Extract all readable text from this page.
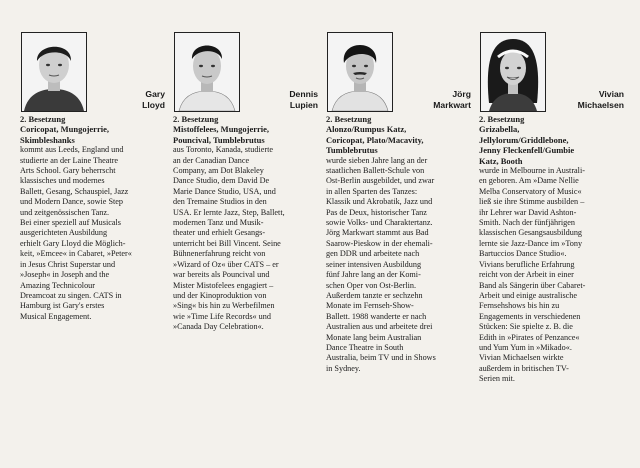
Gary
Lloyd
2. Besetzung
Coricopat, Mungojerrie,
Skimbleshanks
kommt aus Leeds, England und
studierte an der Laine Theatre
Arts School. Gary beherrscht
klassisches und modernes
Ballett, Gesang, Schauspiel, Jazz
und Modern Dance, sowie Step
und zeitgenössischen Tanz.
Bei einer speziell auf Musicals
ausgerichteten Ausbildung
erhielt Gary Lloyd die Möglich-
keit, »Emcee« in Cabaret, »Peter«
in Jesus Christ Superstar und
»Joseph« in Joseph and the
Amazing Technicolour
Dreamcoat zu singen. CATS in
Hamburg ist Gary's erstes
Musical Engagement.
Dennis
Lupien
2. Besetzung
Mistoffelees, Mungojerrie,
Pouncival, Tumblebrutus
aus Toronto, Kanada, studierte
an der Canadian Dance
Company, am Dot Blakeley
Dance Studio, dem David De
Marie Dance Studio, USA, und
den Tremaine Studios in den
USA. Er lernte Jazz, Step, Ballett,
modernen Tanz und Musik-
theater und erhielt Gesangs-
unterricht bei Bill Vincent. Seine
Bühnenerfahrung reicht von
»Wizard of Oz« über CATS – er
war bereits als Pouncival und
Mister Mistofelees engagiert –
und der Kinoproduktion von
»Sing« bis hin zu Werbefilmen
wie »Time Life Records« und
»Canada Day Celebration«.
Jörg
Markwart
2. Besetzung
Alonzo/Rumpus Katz,
Coricopat, Plato/Macavity,
Tumblebrutus
wurde sieben Jahre lang an der
staatlichen Ballett-Schule von
Ost-Berlin ausgebildet, und zwar
in allen Sparten des Tanzes:
Klassik und Akrobatik, Jazz und
Pas de Deux, historischer Tanz
sowie Volks- und Charaktertanz.
Jörg Markwart stammt aus Bad
Saarow-Pieskow in der ehemali-
gen DDR und arbeitete nach
seiner intensiven Ausbildung
fünf Jahre lang an der Komi-
schen Oper von Ost-Berlin.
Außerdem tanzte er sechzehn
Monate im Fernseh-Show-
Ballett. 1988 wanderte er nach
Australien aus und arbeitete drei
Monate lang beim Australian
Dance Theatre in South
Australia, beim TV und in Shows
in Sydney.
Vivian
Michaelsen
2. Besetzung
Grizabella,
Jellylorum/Griddlebone,
Jenny Fleckenfell/Gumbie
Katz, Booth
wurde in Melbourne in Australi-
en geboren. Am »Dame Nellie
Melba Conservatory of Music«
ließ sie ihre Stimme ausbilden –
ihr Lehrer war David Ashton-
Smith. Nach der fünfjährigen
klassischen Gesangsausbildung
lernte sie Jazz-Dance im »Tony
Bartuccios Dance Studio«.
Vivians berufliche Erfahrung
reicht von der Arbeit in einer
Band als Sängerin über Cabaret-
Arbeit und einige australische
Fernsehshows bis hin zu
Engagements in verschiedenen
Stücken: Sie spielte z. B. die
Edith in »Pirates of Penzance«
und Yum Yum in »Mikado«.
Vivian Michaelsen wirkte
außerdem in britischen TV-
Serien mit.
